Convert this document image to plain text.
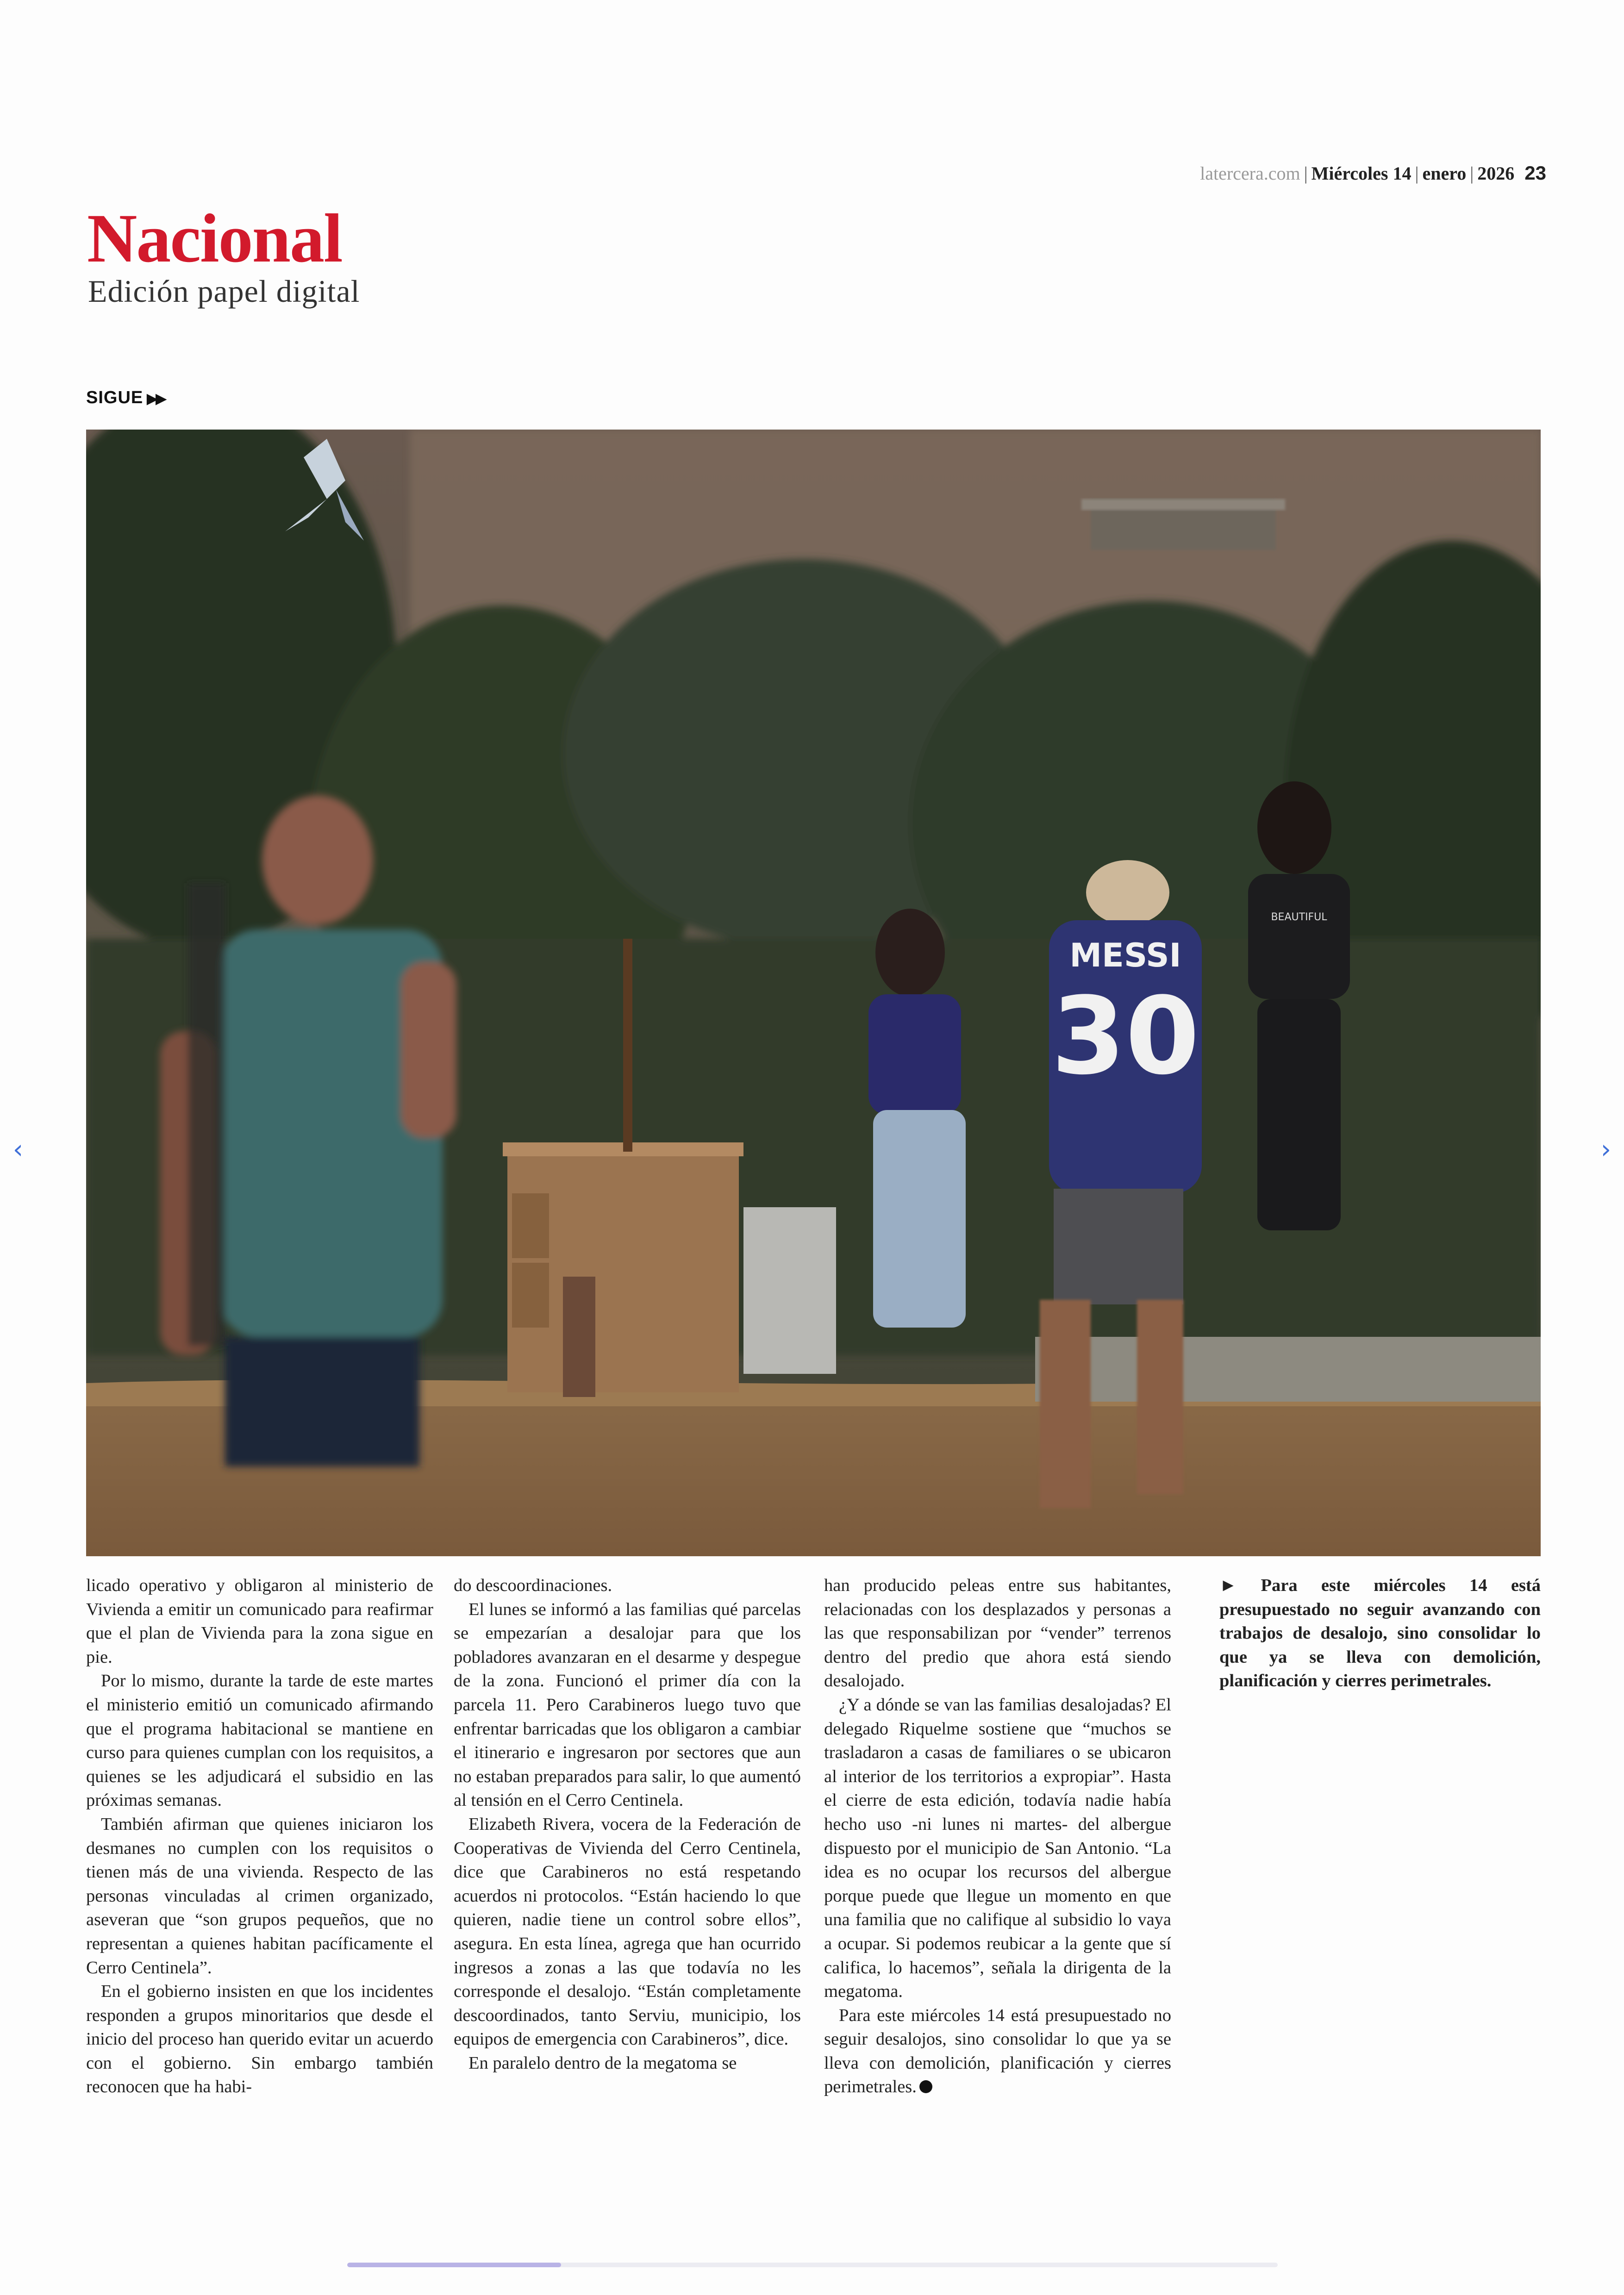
latercera.com | Miércoles 14 | enero | 2026 23
Nacional
Edición papel digital
SIGUE ▶▶
BEAUTIFUL
MESSI
30
‹	›

licado operativo y obligaron al ministerio de Vivienda a emitir un comunicado para reafirmar que el plan de Vivienda para la zona sigue en pie.

Por lo mismo, durante la tarde de este martes el ministerio emitió un comunicado afirmando que el programa habitacional se mantiene en curso para quienes cumplan con los requisitos, a quienes se les adjudicará el subsidio en las próximas semanas.

También afirman que quienes iniciaron los desmanes no cumplen con los requisitos o tienen más de una vivienda. Respecto de las personas vinculadas al crimen organizado, aseveran que “son grupos pequeños, que no representan a quienes habitan pacíficamente el Cerro Centinela”.

En el gobierno insisten en que los incidentes responden a grupos minoritarios que desde el inicio del proceso han querido evitar un acuerdo con el gobierno. Sin embargo también reconocen que ha habi-

do descoordinaciones.

El lunes se informó a las familias qué parcelas se empezarían a desalojar para que los pobladores avanzaran en el desarme y despegue de la zona. Funcionó el primer día con la parcela 11. Pero Carabineros luego tuvo que enfrentar barricadas que los obligaron a cambiar el itinerario e ingresaron por sectores que aun no estaban preparados para salir, lo que aumentó al tensión en el Cerro Centinela.

Elizabeth Rivera, vocera de la Federación de Cooperativas de Vivienda del Cerro Centinela, dice que Carabineros no está respetando acuerdos ni protocolos. “Están haciendo lo que quieren, nadie tiene un control sobre ellos”, asegura. En esta línea, agrega que han ocurrido ingresos a zonas a las que todavía no les corresponde el desalojo. “Están completamente descoordinados, tanto Serviu, municipio, los equipos de emergencia con Carabineros”, dice.

En paralelo dentro de la megatoma se

han producido peleas entre sus habitantes, relacionadas con los desplazados y personas a las que responsabilizan por “vender” terrenos dentro del predio que ahora está siendo desalojado.

¿Y a dónde se van las familias desalojadas? El delegado Riquelme sostiene que “muchos se trasladaron a casas de familiares o se ubicaron al interior de los territorios a expropiar”. Hasta el cierre de esta edición, todavía nadie había hecho uso -ni lunes ni martes- del albergue dispuesto por el municipio de San Antonio. “La idea es no ocupar los recursos del albergue porque puede que llegue un momento en que una familia que no califique al subsidio lo vaya a ocupar. Si podemos reubicar a la gente que sí califica, lo hacemos”, señala la dirigenta de la megatoma.

Para este miércoles 14 está presupuestado no seguir desalojos, sino consolidar lo que ya se lleva con demolición, planificación y cierres perimetrales.

► Para este miércoles 14 está presupuestado no seguir avanzando con trabajos de desalojo, sino consolidar lo que ya se lleva con demolición, planificación y cierres perimetrales.
